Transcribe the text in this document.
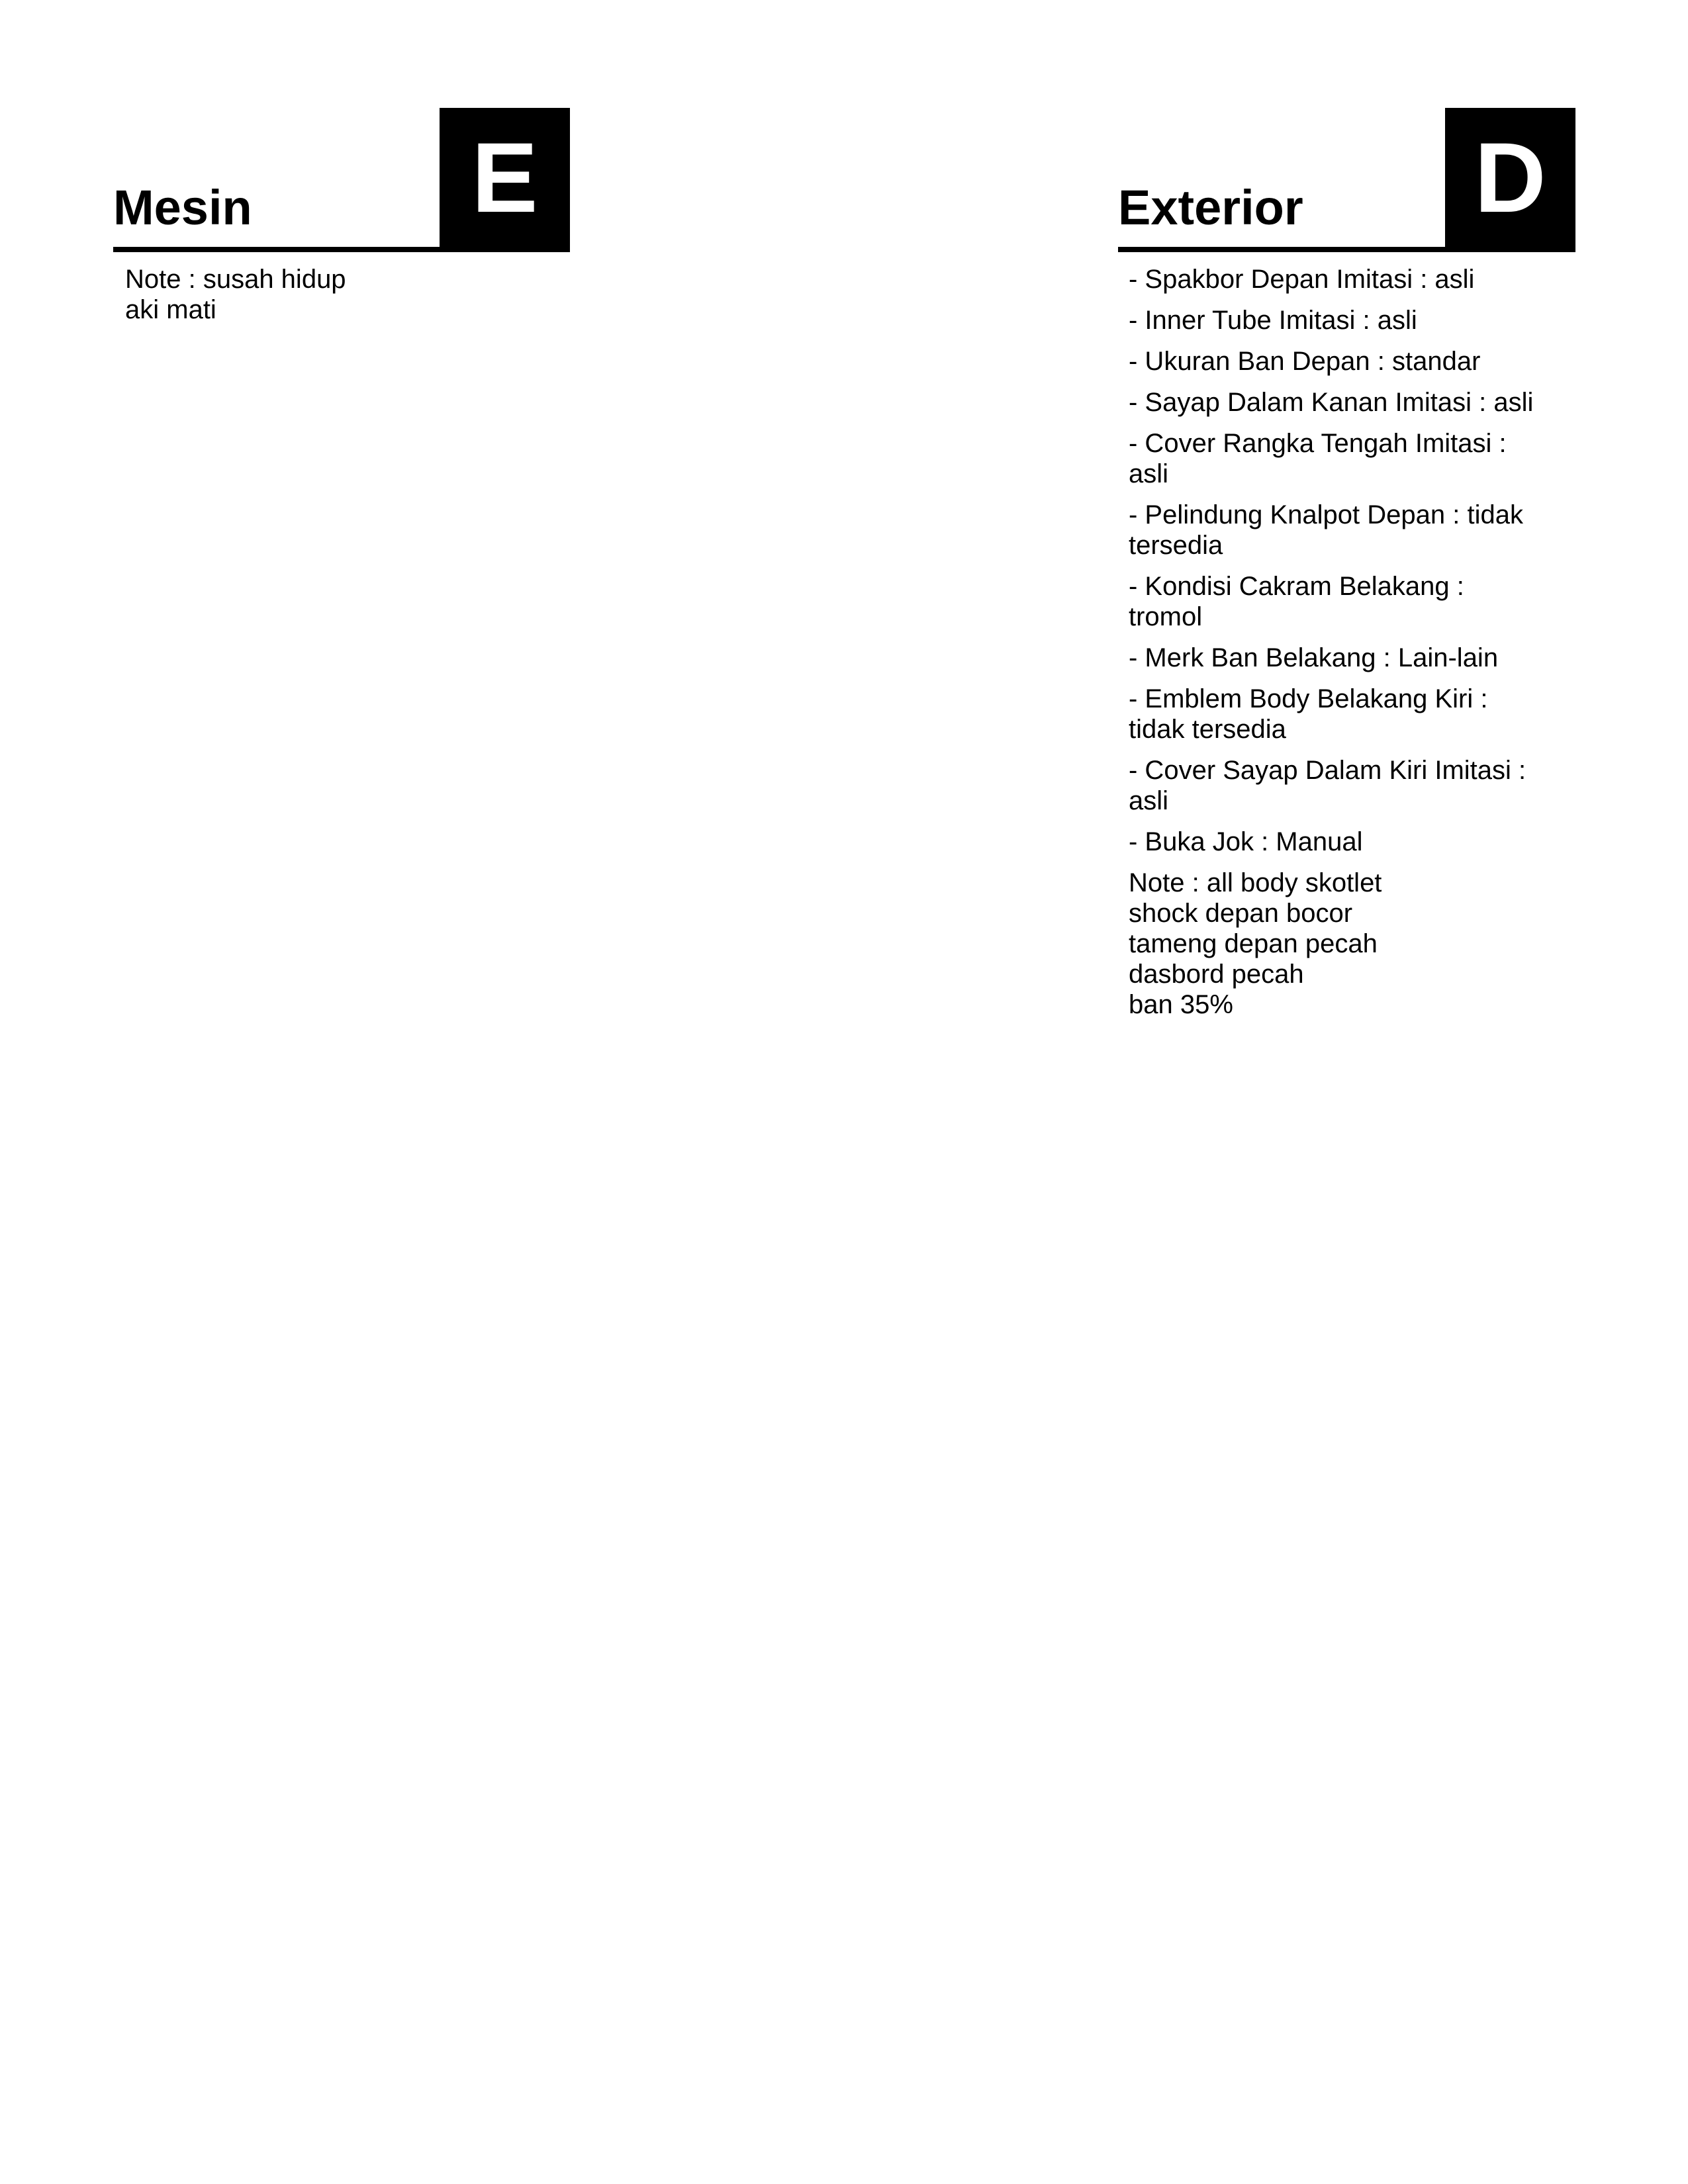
Mesin	E

Note : susah hidup
aki mati

Exterior D

- Spakbor Depan Imitasi : asli

- Inner Tube Imitasi : asli

- Ukuran Ban Depan : standar

- Sayap Dalam Kanan Imitasi : asli

- Cover Rangka Tengah Imitasi :
asli

- Pelindung Knalpot Depan : tidak
tersedia

- Kondisi Cakram Belakang :
tromol

- Merk Ban Belakang : Lain-lain

- Emblem Body Belakang Kiri :
tidak tersedia

- Cover Sayap Dalam Kiri Imitasi :
asli

- Buka Jok : Manual

Note : all body skotlet
shock depan bocor
tameng depan pecah
dasbord pecah
ban 35%
